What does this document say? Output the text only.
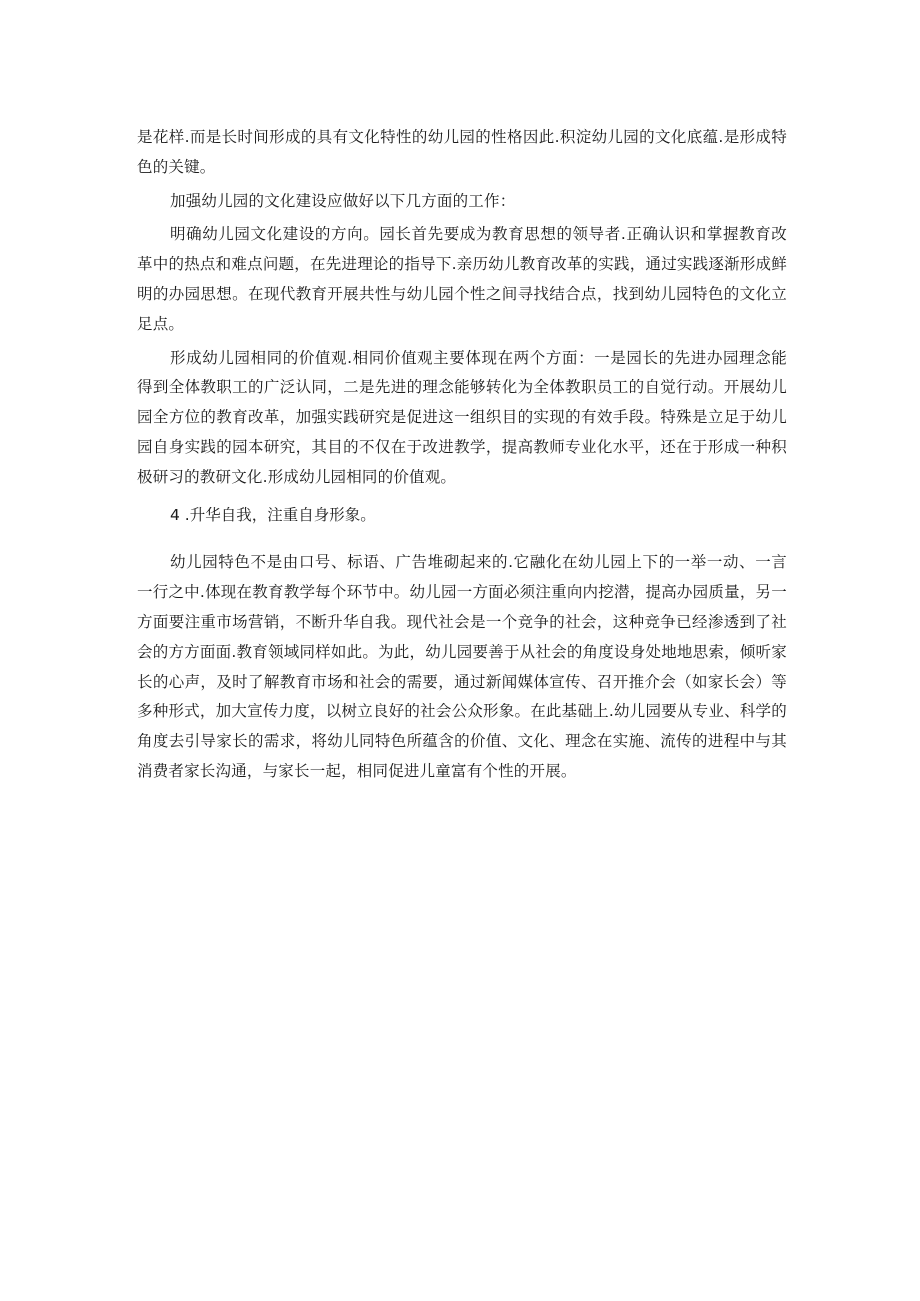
是花样.而是长时间形成的具有文化特性的幼儿园的性格因此.积淀幼儿园的文化底蕴.是形成特色的关键。

加强幼儿园的文化建设应做好以下几方面的工作：

明确幼儿园文化建设的方向。园长首先要成为教育思想的领导者.正确认识和掌握教育改革中的热点和难点问题，在先进理论的指导下.亲历幼儿教育改革的实践，通过实践逐渐形成鲜明的办园思想。在现代教育开展共性与幼儿园个性之间寻找结合点，找到幼儿园特色的文化立足点。

形成幼儿园相同的价值观.相同价值观主要体现在两个方面：一是园长的先进办园理念能得到全体教职工的广泛认同，二是先进的理念能够转化为全体教职员工的自觉行动。开展幼儿园全方位的教育改革，加强实践研究是促进这一组织目的实现的有效手段。特殊是立足于幼儿园自身实践的园本研究，其目的不仅在于改进教学，提高教师专业化水平，还在于形成一种积极研习的教研文化.形成幼儿园相同的价值观。

4 .升华自我，注重自身形象。

幼儿园特色不是由口号、标语、广告堆砌起来的.它融化在幼儿园上下的一举一动、一言一行之中.体现在教育教学每个环节中。幼儿园一方面必须注重向内挖潜，提高办园质量，另一方面要注重市场营销，不断升华自我。现代社会是一个竞争的社会，这种竞争已经渗透到了社会的方方面面.教育领域同样如此。为此，幼儿园要善于从社会的角度设身处地地思索，倾听家长的心声，及时了解教育市场和社会的需要，通过新闻媒体宣传、召开推介会（如家长会）等多种形式，加大宣传力度，以树立良好的社会公众形象。在此基础上.幼儿园要从专业、科学的角度去引导家长的需求，将幼儿同特色所蕴含的价值、文化、理念在实施、流传的进程中与其消费者家长沟通，与家长一起，相同促进儿童富有个性的开展。
